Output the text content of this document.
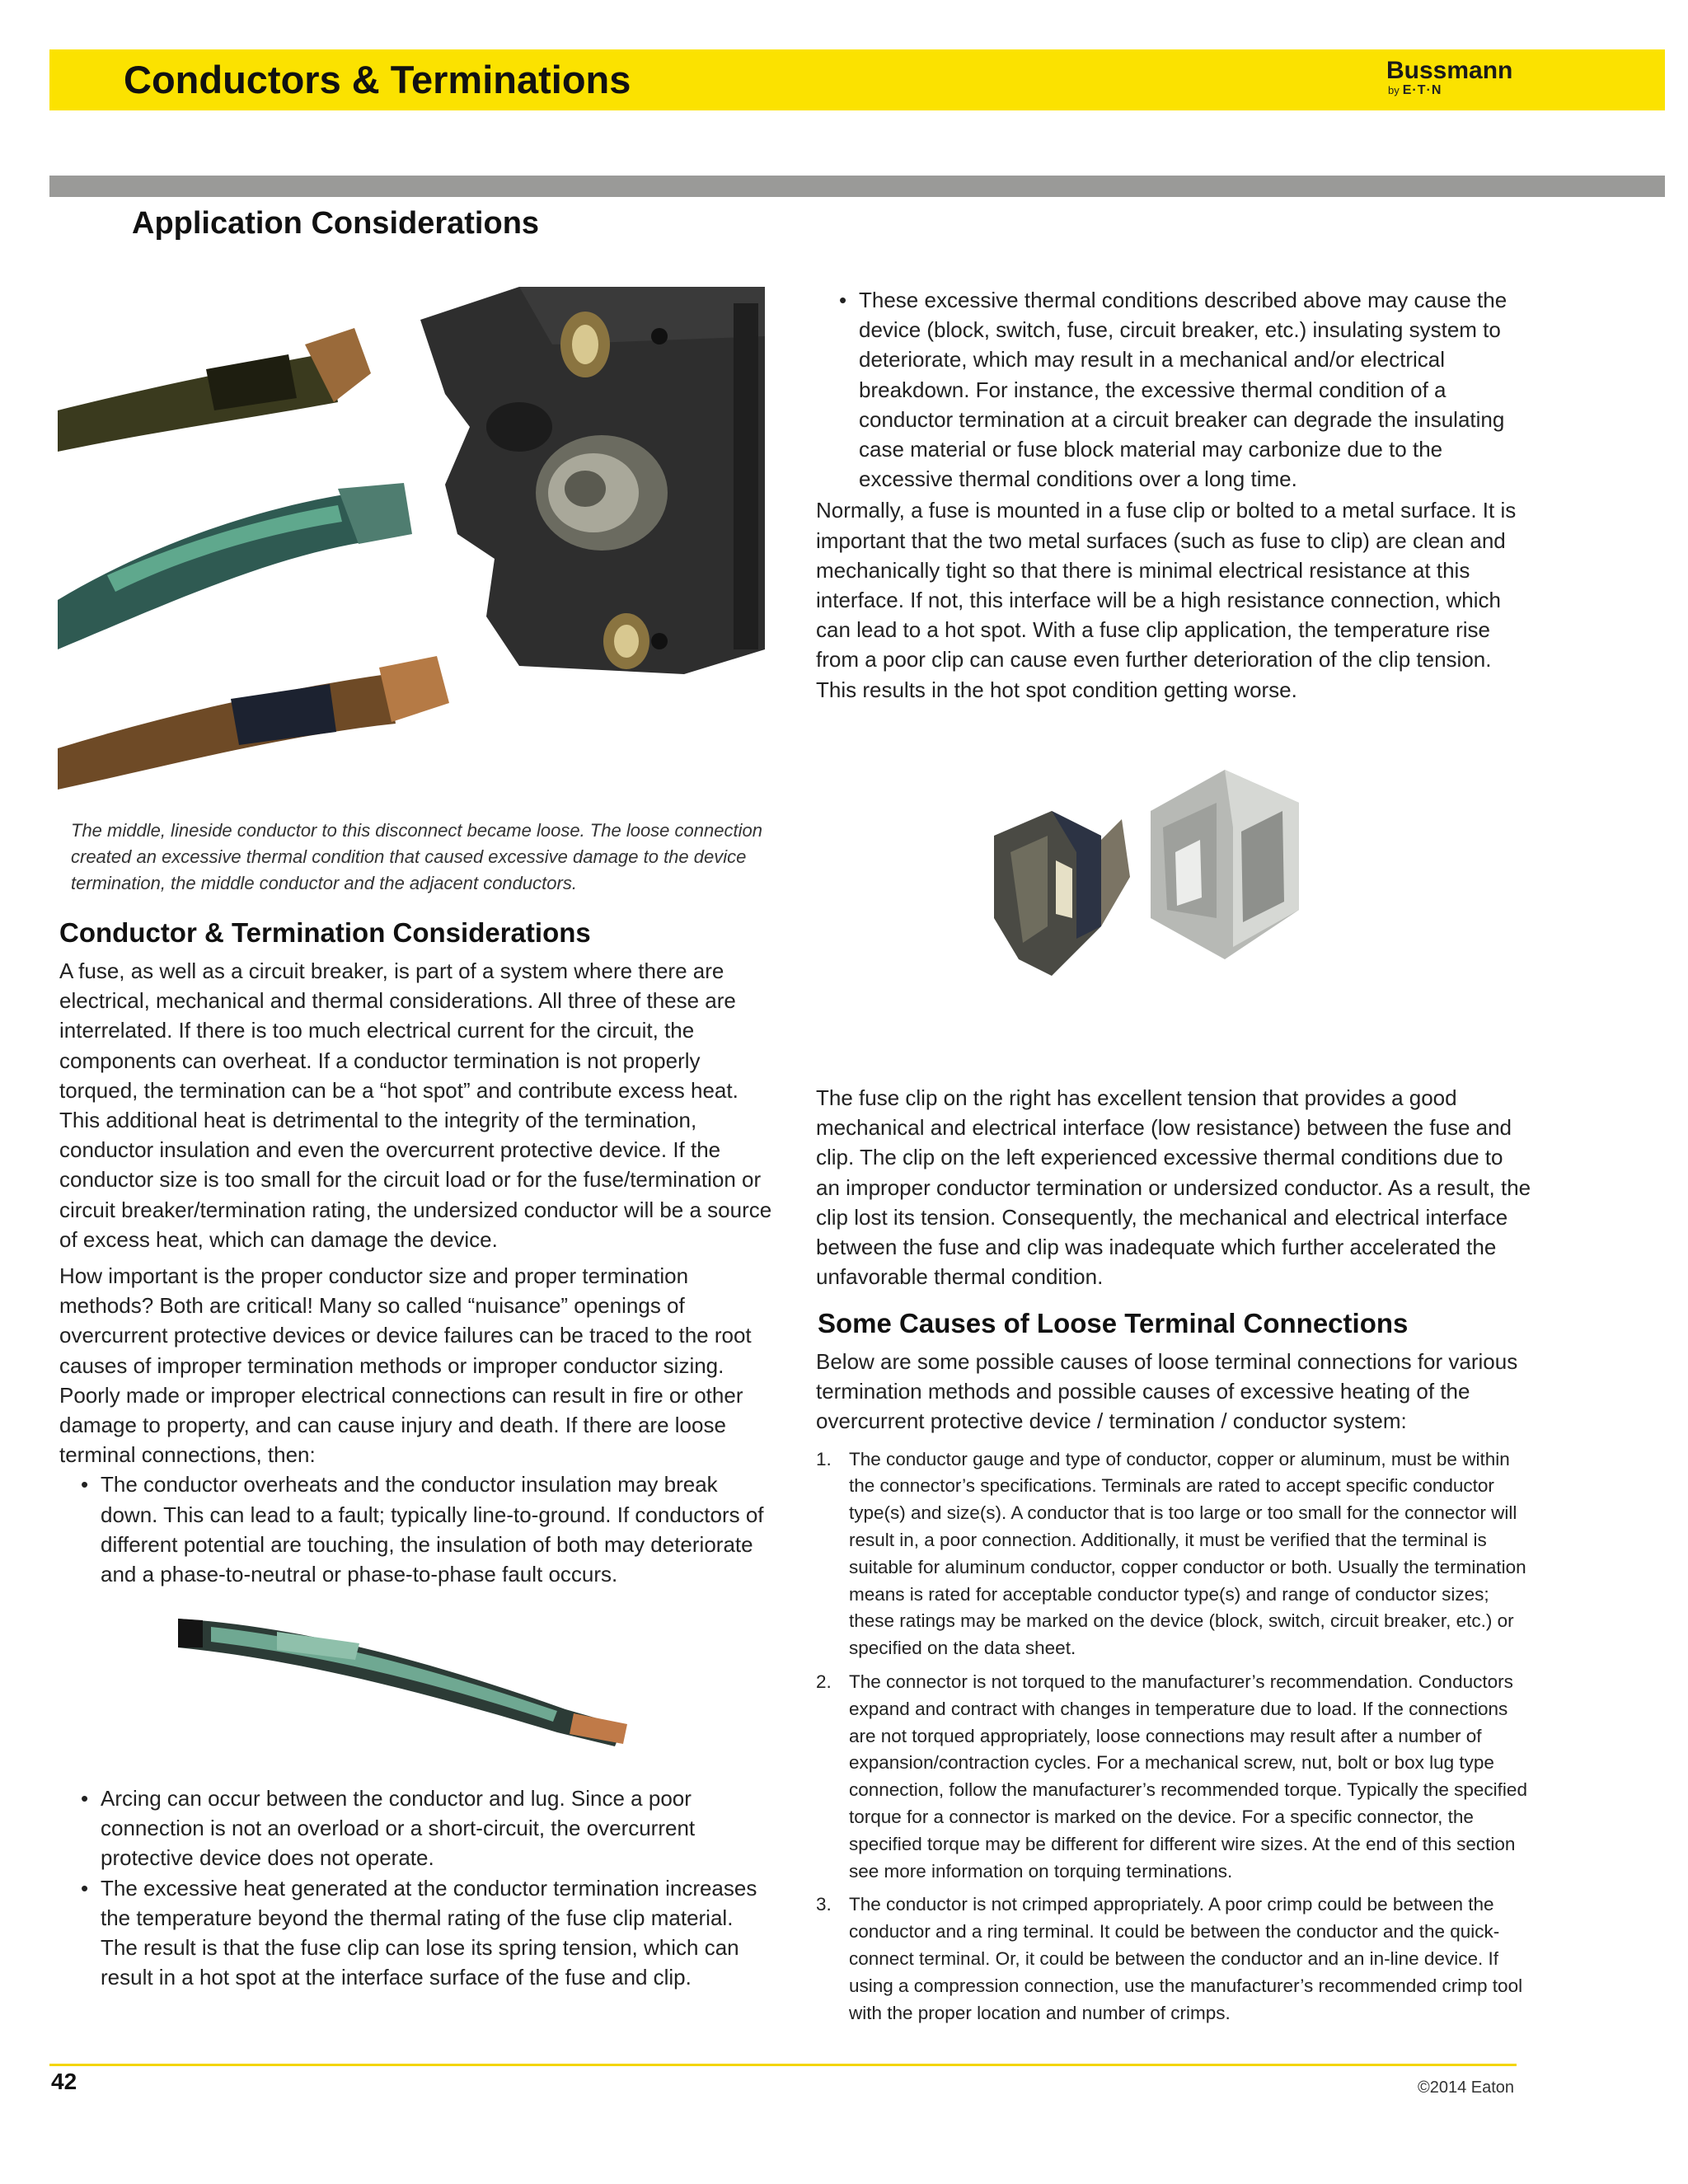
Conductors & Terminations	Bussmann
by E·T·N
Application Considerations
The middle, lineside conductor to this disconnect became loose. The loose connection created an excessive thermal condition that caused excessive damage to the device termination, the middle conductor and the adjacent conductors.
Conductor & Termination Considerations

A fuse, as well as a circuit breaker, is part of a system where there are electrical, mechanical and thermal considerations. All three of these are interrelated. If there is too much electrical current for the circuit, the components can overheat. If a conductor termination is not properly torqued, the termination can be a “hot spot” and contribute excess heat. This additional heat is detrimental to the integrity of the termination, conductor insulation and even the overcurrent protective device. If the conductor size is too small for the circuit load or for the fuse/termination or circuit breaker/termination rating, the undersized conductor will be a source of excess heat, which can damage the device.

How important is the proper conductor size and proper termination methods? Both are critical! Many so called “nuisance” openings of overcurrent protective devices or device failures can be traced to the root causes of improper termination methods or improper conductor sizing. Poorly made or improper electrical connections can result in fire or other damage to property, and can cause injury and death. If there are loose terminal connections, then:

• The conductor overheats and the conductor insulation may break down. This can lead to a fault; typically line-to-ground. If conductors of different potential are touching, the insulation of both may deteriorate and a phase-to-neutral or phase-to-phase fault occurs.
• Arcing can occur between the conductor and lug. Since a poor connection is not an overload or a short-circuit, the overcurrent protective device does not operate.
• The excessive heat generated at the conductor termination increases the temperature beyond the thermal rating of the fuse clip material. The result is that the fuse clip can lose its spring tension, which can result in a hot spot at the interface surface of the fuse and clip.
• These excessive thermal conditions described above may cause the device (block, switch, fuse, circuit breaker, etc.) insulating system to deteriorate, which may result in a mechanical and/or electrical breakdown. For instance, the excessive thermal condition of a conductor termination at a circuit breaker can degrade the insulating case material or fuse block material may carbonize due to the excessive thermal conditions over a long time.

Normally, a fuse is mounted in a fuse clip or bolted to a metal surface. It is important that the two metal surfaces (such as fuse to clip) are clean and mechanically tight so that there is minimal electrical resistance at this interface. If not, this interface will be a high resistance connection, which can lead to a hot spot. With a fuse clip application, the temperature rise from a poor clip can cause even further deterioration of the clip tension. This results in the hot spot condition getting worse.

The fuse clip on the right has excellent tension that provides a good mechanical and electrical interface (low resistance) between the fuse and clip. The clip on the left experienced excessive thermal conditions due to an improper conductor termination or undersized conductor. As a result, the clip lost its tension. Consequently, the mechanical and electrical interface between the fuse and clip was inadequate which further accelerated the unfavorable thermal condition.

Some Causes of Loose Terminal Connections

Below are some possible causes of loose terminal connections for various termination methods and possible causes of excessive heating of the overcurrent protective device / termination / conductor system:

1. The conductor gauge and type of conductor, copper or aluminum, must be within the connector’s specifications. Terminals are rated to accept specific conductor type(s) and size(s). A conductor that is too large or too small for the connector will result in, a poor connection. Additionally, it must be verified that the terminal is suitable for aluminum conductor, copper conductor or both. Usually the termination means is rated for acceptable conductor type(s) and range of conductor sizes; these ratings may be marked on the device (block, switch, circuit breaker, etc.) or specified on the data sheet.
2. The connector is not torqued to the manufacturer’s recommendation. Conductors expand and contract with changes in temperature due to load. If the connections are not torqued appropriately, loose connections may result after a number of expansion/contraction cycles. For a mechanical screw, nut, bolt or box lug type connection, follow the manufacturer’s recommended torque. Typically the specified torque for a connector is marked on the device. For a specific connector, the specified torque may be different for different wire sizes. At the end of this section see more information on torquing terminations.
3. The conductor is not crimped appropriately. A poor crimp could be between the conductor and a ring terminal. It could be between the conductor and the quick-connect terminal. Or, it could be between the conductor and an in-line device. If using a compression connection, use the manufacturer’s recommended crimp tool with the proper location and number of crimps.
42	©2014 Eaton
